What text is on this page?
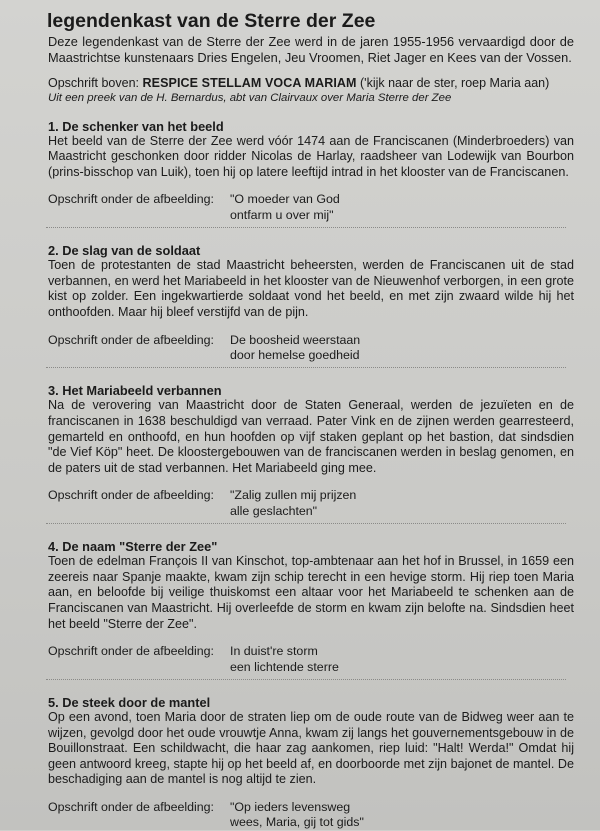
legendenkast van de Sterre der Zee

Deze legendenkast van de Sterre der Zee werd in de jaren 1955-1956 vervaardigd door de Maastrichtse kunstenaars Dries Engelen, Jeu Vroomen, Riet Jager en Kees van der Vossen.

Opschrift boven: RESPICE STELLAM VOCA MARIAM ('kijk naar de ster, roep Maria aan)
Uit een preek van de H. Bernardus, abt van Clairvaux over Maria Sterre der Zee
1. De schenker van het beeld

Het beeld van de Sterre der Zee werd vóór 1474 aan de Franciscanen (Minderbroeders) van Maastricht geschonken door ridder Nicolas de Harlay, raadsheer van Lodewijk van Bourbon (prins-bisschop van Luik), toen hij op latere leeftijd intrad in het klooster van de Franciscanen.

Opschrift onder de afbeelding: "O moeder van God
ontfarm u over mij"
2. De slag van de soldaat

Toen de protestanten de stad Maastricht beheersten, werden de Franciscanen uit de stad verbannen, en werd het Mariabeeld in het klooster van de Nieuwenhof verborgen, in een grote kist op zolder. Een ingekwartierde soldaat vond het beeld, en met zijn zwaard wilde hij het onthoofden. Maar hij bleef verstijfd van de pijn.

Opschrift onder de afbeelding: De boosheid weerstaan
door hemelse goedheid
3. Het Mariabeeld verbannen

Na de verovering van Maastricht door de Staten Generaal, werden de jezuïeten en de franciscanen in 1638 beschuldigd van verraad. Pater Vink en de zijnen werden gearresteerd, gemarteld en onthoofd, en hun hoofden op vijf staken geplant op het bastion, dat sindsdien "de Vief Köp" heet. De kloostergebouwen van de franciscanen werden in beslag genomen, en de paters uit de stad verbannen. Het Mariabeeld ging mee.

Opschrift onder de afbeelding: "Zalig zullen mij prijzen
alle geslachten"
4. De naam "Sterre der Zee"

Toen de edelman François II van Kinschot, top-ambtenaar aan het hof in Brussel, in 1659 een zeereis naar Spanje maakte, kwam zijn schip terecht in een hevige storm. Hij riep toen Maria aan, en beloofde bij veilige thuiskomst een altaar voor het Mariabeeld te schenken aan de Franciscanen van Maastricht. Hij overleefde de storm en kwam zijn belofte na. Sindsdien heet het beeld "Sterre der Zee".

Opschrift onder de afbeelding: In duist're storm
een lichtende sterre
5. De steek door de mantel

Op een avond, toen Maria door de straten liep om de oude route van de Bidweg weer aan te wijzen, gevolgd door het oude vrouwtje Anna, kwam zij langs het gouvernementsgebouw in de Bouillonstraat. Een schildwacht, die haar zag aankomen, riep luid: "Halt! Werda!" Omdat hij geen antwoord kreeg, stapte hij op het beeld af, en doorboorde met zijn bajonet de mantel. De beschadiging aan de mantel is nog altijd te zien.

Opschrift onder de afbeelding: "Op ieders levensweg
wees, Maria, gij tot gids"
